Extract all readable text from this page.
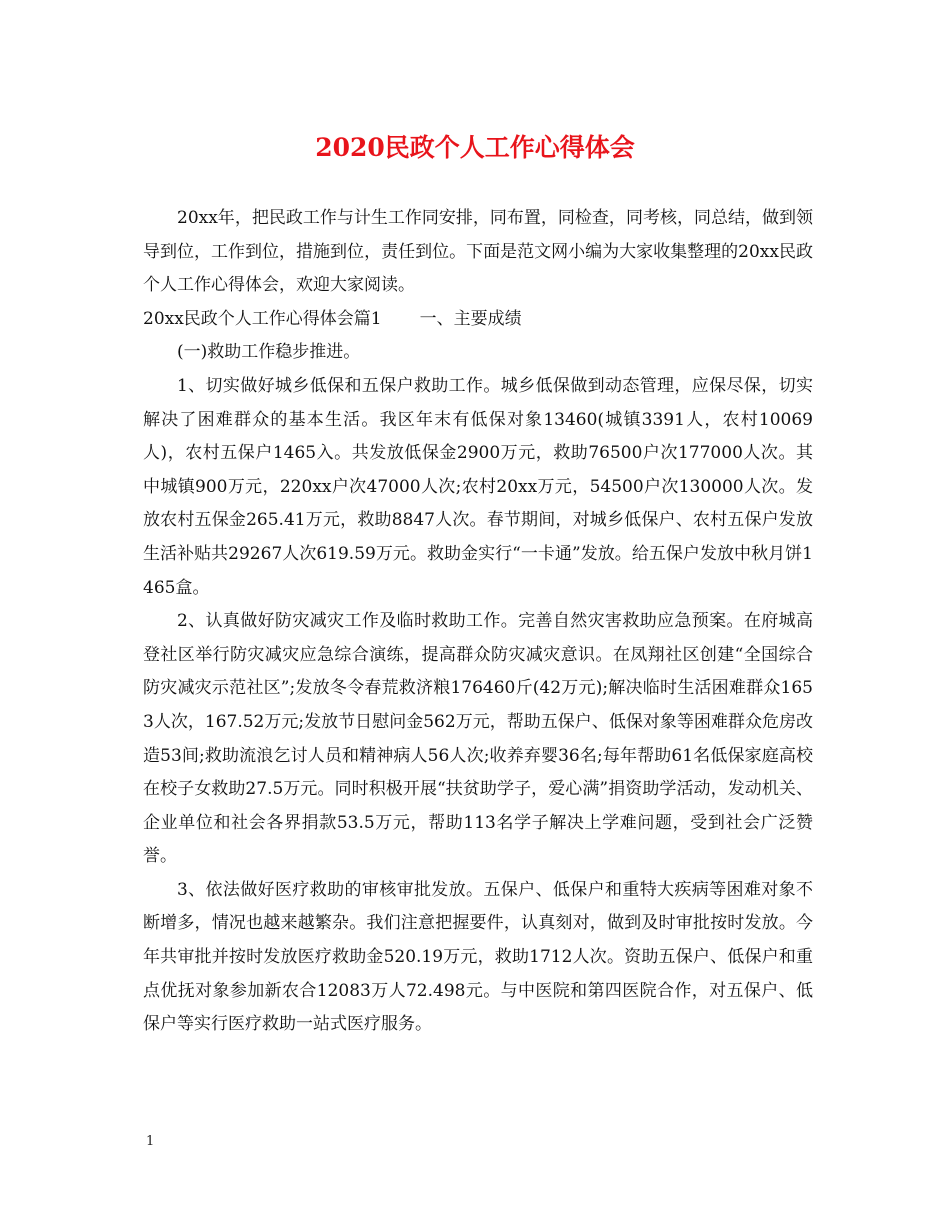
2020民政个人工作心得体会

20xx年，把民政工作与计生工作同安排，同布置，同检查，同考核，同总结，做到领导到位，工作到位，措施到位，责任到位。下面是范文网小编为大家收集整理的20xx民政个人工作心得体会，欢迎大家阅读。

20xx民政个人工作心得体会篇1 一、主要成绩

(一)救助工作稳步推进。

1、切实做好城乡低保和五保户救助工作。城乡低保做到动态管理，应保尽保，切实解决了困难群众的基本生活。我区年末有低保对象13460(城镇3391人，农村10069人)，农村五保户1465入。共发放低保金2900万元，救助76500户次177000人次。其中城镇900万元，220xx户次47000人次;农村20xx万元，54500户次130000人次。发放农村五保金265.41万元，救助8847人次。春节期间，对城乡低保户、农村五保户发放生活补贴共29267人次619.59万元。救助金实行“一卡通”发放。给五保户发放中秋月饼1465盒。

2、认真做好防灾减灾工作及临时救助工作。完善自然灾害救助应急预案。在府城高登社区举行防灾减灾应急综合演练，提高群众防灾减灾意识。在凤翔社区创建“全国综合防灾减灾示范社区”;发放冬令春荒救济粮176460斤(42万元);解决临时生活困难群众1653人次，167.52万元;发放节日慰问金562万元，帮助五保户、低保对象等困难群众危房改造53间;救助流浪乞讨人员和精神病人56人次;收养弃婴36名;每年帮助61名低保家庭高校在校子女救助27.5万元。同时积极开展“扶贫助学子，爱心满”捐资助学活动，发动机关、企业单位和社会各界捐款53.5万元，帮助113名学子解决上学难问题，受到社会广泛赞誉。

3、依法做好医疗救助的审核审批发放。五保户、低保户和重特大疾病等困难对象不断增多，情况也越来越繁杂。我们注意把握要件，认真刻对，做到及时审批按时发放。今年共审批并按时发放医疗救助金520.19万元，救助1712人次。资助五保户、低保户和重点优抚对象参加新农合12083万人72.498元。与中医院和第四医院合作，对五保户、低保户等实行医疗救助一站式医疗服务。

1
